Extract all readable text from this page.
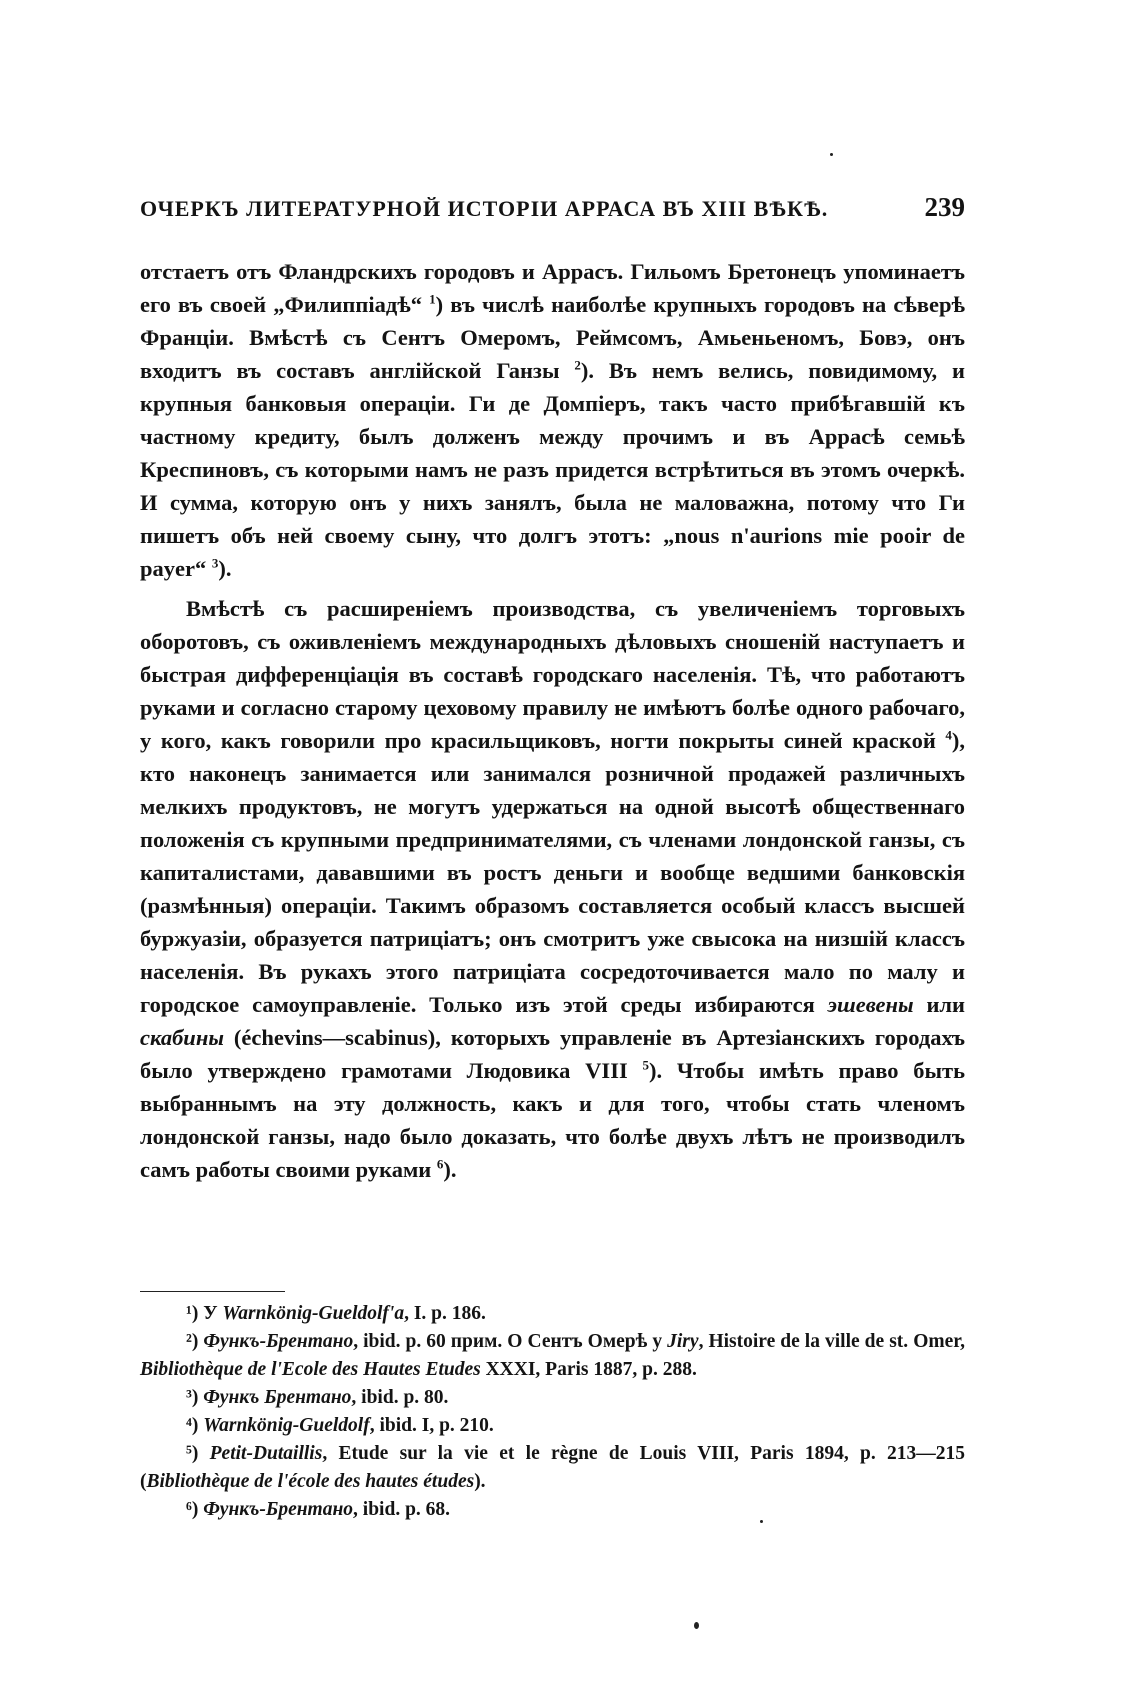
ОЧЕРКЪ ЛИТЕРАТУРНОЙ ИСТОРІИ АРРАСА ВЪ XIII ВѢКѢ.	239

отстаетъ отъ Фландрскихъ городовъ и Аррасъ. Гильомъ Бретонецъ упоминаетъ его въ своей „Филиппіадѣ“ $^1$) въ числѣ наиболѣе крупныхъ городовъ на сѣверѣ Франціи. Вмѣстѣ съ Сентъ Омеромъ, Реймсомъ, Амьеньеномъ, Бовэ, онъ входитъ въ составъ англійской Ганзы $^2$). Въ немъ велись, повидимому, и крупныя банковыя операціи. Ги де Домпіеръ, такъ часто прибѣгавшій къ частному кредиту, былъ долженъ между прочимъ и въ Аррасѣ семьѣ Креспиновъ, съ которыми намъ не разъ придется встрѣтиться въ этомъ очеркѣ. И сумма, которую онъ у нихъ занялъ, была не маловажна, потому что Ги пишетъ объ ней своему сыну, что долгъ этотъ: „nous n'aurions mie pooir de payer“ $^3$).

Вмѣстѣ съ расширеніемъ производства, съ увеличеніемъ торговыхъ оборотовъ, съ оживленіемъ международныхъ дѣловыхъ сношеній наступаетъ и быстрая дифференціація въ составѣ городскаго населенія. Тѣ, что работаютъ руками и согласно старому цеховому правилу не имѣютъ болѣе одного рабочаго, у кого, какъ говорили про красильщиковъ, ногти покрыты синей краской $^4$), кто наконецъ занимается или занимался розничной продажей различныхъ мелкихъ продуктовъ, не могутъ удержаться на одной высотѣ общественнаго положенія съ крупными предпринимателями, съ членами лондонской ганзы, съ капиталистами, дававшими въ ростъ деньги и вообще ведшими банковскія (размѣнныя) операціи. Такимъ образомъ составляется особый классъ высшей буржуазіи, образуется патриціатъ; онъ смотритъ уже свысока на низшій классъ населенія. Въ рукахъ этого патриціата сосредоточивается мало по малу и городское самоуправленіе. Только изъ этой среды избираются эшевены или скабины (échevins—scabinus), которыхъ управленіе въ Артезіанскихъ городахъ было утверждено грамотами Людовика VIII $^5$). Чтобы имѣть право быть выбраннымъ на эту должность, какъ и для того, чтобы стать членомъ лондонской ганзы, надо было доказать, что болѣе двухъ лѣтъ не производилъ самъ работы своими руками $^6$).

¹) У Warnkönig-Gueldolf'a, I. p. 186.

²) Функъ-Брентано, ibid. p. 60 прим. О Сентъ Омерѣ у Jiry, Histoire de la ville de st. Omer, Bibliothèque de l'Ecole des Hautes Etudes XXXI, Paris 1887, p. 288.

³) Функъ Брентано, ibid. p. 80.

⁴) Warnkönig-Gueldolf, ibid. I, p. 210.

⁵) Petit-Dutaillis, Etude sur la vie et le règne de Louis VIII, Paris 1894, p. 213—215 (Bibliothèque de l'école des hautes études).

⁶) Функъ-Брентано, ibid. p. 68.
